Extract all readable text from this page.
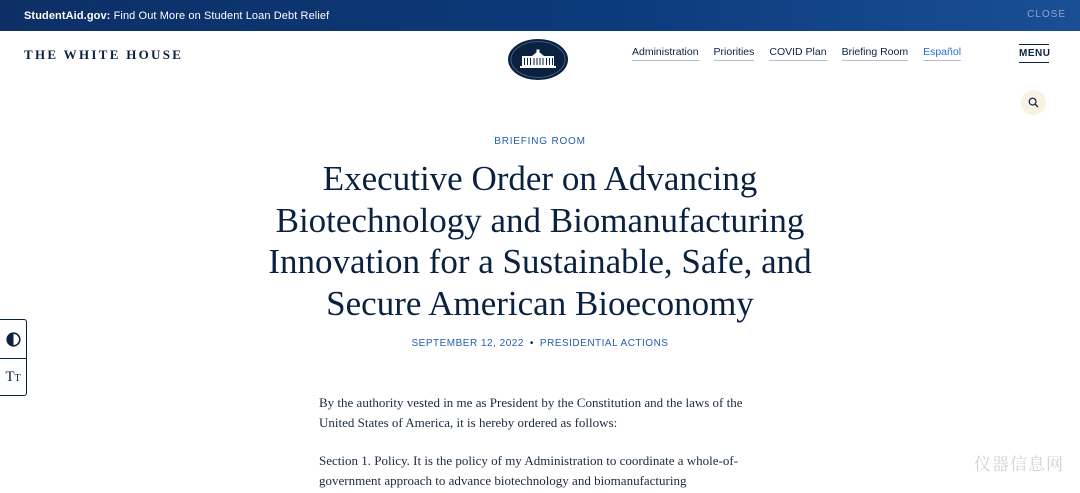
StudentAid.gov: Find Out More on Student Loan Debt Relief	CLOSE
THE WHITE HOUSE	Administration Priorities COVID Plan Briefing Room Español	MENU
BRIEFING ROOM
Executive Order on Advancing Biotechnology and Biomanufacturing Innovation for a Sustainable, Safe, and Secure American Bioeconomy
SEPTEMBER 12, 2022 • PRESIDENTIAL ACTIONS

By the authority vested in me as President by the Constitution and the laws of the United States of America, it is hereby ordered as follows:

Section 1. Policy. It is the policy of my Administration to coordinate a whole-of-government approach to advance biotechnology and biomanufacturing

TT
仪器信息网
